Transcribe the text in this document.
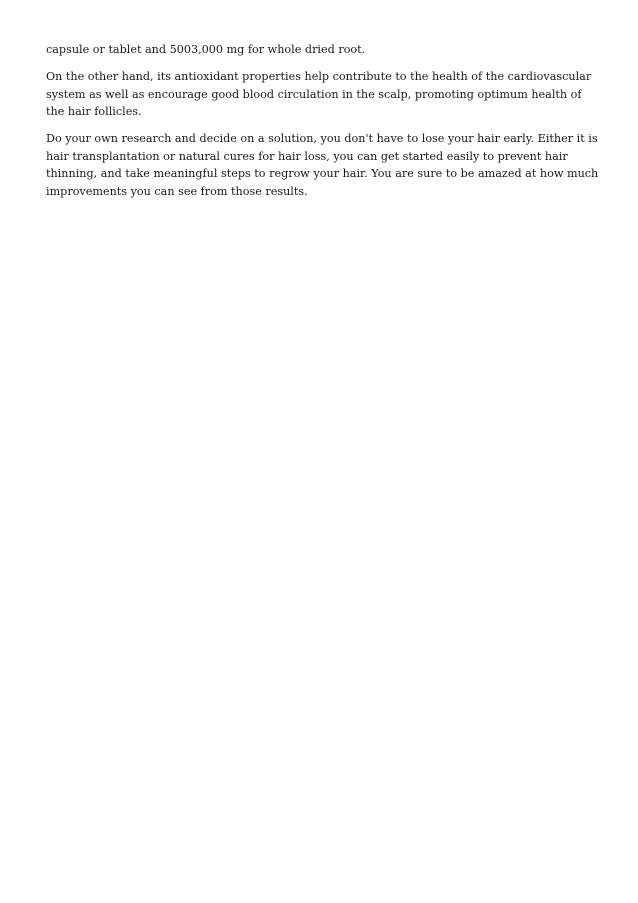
capsule or tablet and 5003,000 mg for whole dried root.

On the other hand, its antioxidant properties help contribute to the health of the cardiovascular system as well as encourage good blood circulation in the scalp, promoting optimum health of the hair follicles.

Do your own research and decide on a solution, you don't have to lose your hair early. Either it is hair transplantation or natural cures for hair loss, you can get started easily to prevent hair thinning, and take meaningful steps to regrow your hair. You are sure to be amazed at how much improvements you can see from those results.
